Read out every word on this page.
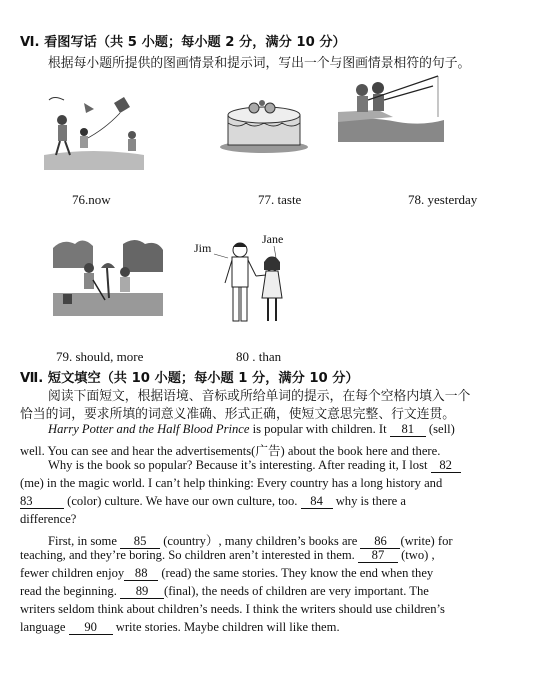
Ⅵ. 看图写话（共 5 小题；每小题 2 分，满分 10 分）
根据每小题所提供的图画情景和提示词，写出一个与图画情景相符的句子。
76.now	77. taste	78. yesterday
Jim
Jane
79. should, more	80 . than
Ⅶ. 短文填空（共 10 小题；每小题 1 分，满分 10 分）
阅读下面短文，根据语境、音标或所给单词的提示，在每个空格内填入一个
恰当的词，要求所填的词意义准确、形式正确，使短文意思完整、行文连贯。
Harry Potter and the Half Blood Prince is popular with children. It 81 (sell)
well. You can see and hear the advertisements(广告) about the book here and there.
Why is the book so popular? Because it’s interesting. After reading it, I lost 82
(me) in the magic world. I can’t help thinking: Every country has a long history and
83 (color) culture. We have our own culture, too. 84 why is there a
difference?
First, in some 85 (country）, many children’s books are 86 (write) for
teaching, and they’re boring. So children aren’t interested in them. 87 (two) ,
fewer children enjoy 88 (read) the same stories. They know the end when they
read the beginning. 89 (final), the needs of children are very important. The
writers seldom think about children’s needs. I think the writers should use children’s
language 90 write stories. Maybe children will like them.
